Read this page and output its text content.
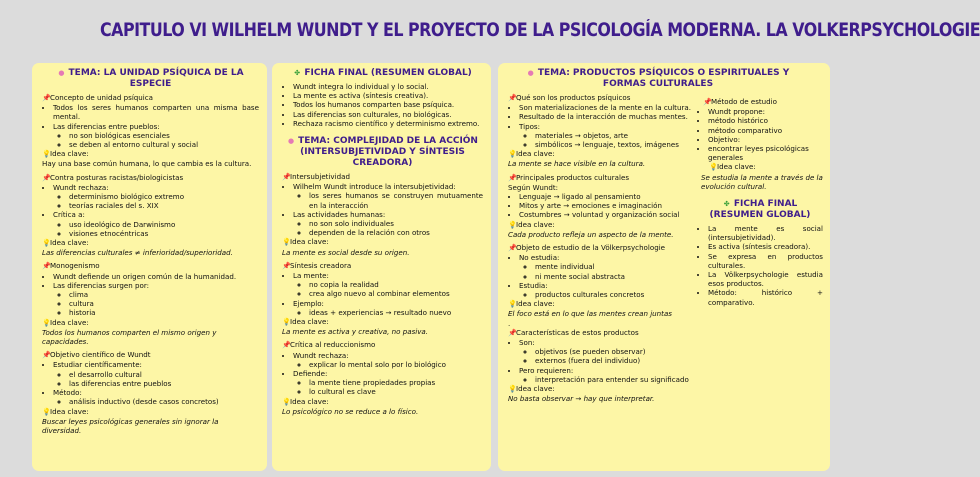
CAPITULO VI WILHELM WUNDT Y EL PROYECTO DE LA PSICOLOGÍA MODERNA. LA VOLKERPSYCHOLOGIE
● TEMA: LA UNIDAD PSÍQUICA DE LA ESPECIE
📌Concepto de unidad psíquica
• Todos los seres humanos comparten una misma base mental.
• Las diferencias entre pueblos:
◦ no son biológicas esenciales
◦ se deben al entorno cultural y social
💡Idea clave:
Hay una base común humana, lo que cambia es la cultura.
📌Contra posturas racistas/biologicistas
• Wundt rechaza:
◦ determinismo biológico extremo
◦ teorías raciales del s. XIX
• Crítica a:
◦ uso ideológico de Darwinismo
◦ visiones etnocéntricas
💡Idea clave:
Las diferencias culturales ≠ inferioridad/superioridad.
📌Monogenismo
• Wundt defiende un origen común de la humanidad.
• Las diferencias surgen por:
◦ clima
◦ cultura
◦ historia
💡Idea clave:
Todos los humanos comparten el mismo origen y capacidades.
📌Objetivo científico de Wundt
• Estudiar científicamente:
◦ el desarrollo cultural
◦ las diferencias entre pueblos
• Método:
◦ análisis inductivo (desde casos concretos)
💡Idea clave:
Buscar leyes psicológicas generales sin ignorar la diversidad.
✤ FICHA FINAL (RESUMEN GLOBAL)
• Wundt integra lo individual y lo social.
• La mente es activa (síntesis creativa).
• Todos los humanos comparten base psíquica.
• Las diferencias son culturales, no biológicas.
• Rechaza racismo científico y determinismo extremo.
● TEMA: COMPLEJIDAD DE LA ACCIÓN
(INTERSUBJETIVIDAD Y SÍNTESIS CREADORA)
📌Intersubjetividad
• Wilhelm Wundt introduce la intersubjetividad:
◦ los seres humanos se construyen mutuamente en la interacción
• Las actividades humanas:
◦ no son solo individuales
◦ dependen de la relación con otros
💡Idea clave:
La mente es social desde su origen.
📌Síntesis creadora
• La mente:
◦ no copia la realidad
◦ crea algo nuevo al combinar elementos
• Ejemplo:
◦ ideas + experiencias → resultado nuevo
💡Idea clave:
La mente es activa y creativa, no pasiva.
📌Crítica al reduccionismo
• Wundt rechaza:
◦ explicar lo mental solo por lo biológico
• Defiende:
◦ la mente tiene propiedades propias
◦ lo cultural es clave
💡Idea clave:
Lo psicológico no se reduce a lo físico.
● TEMA: PRODUCTOS PSÍQUICOS O ESPIRITUALES Y FORMAS CULTURALES
📌Qué son los productos psíquicos
• Son materializaciones de la mente en la cultura.
• Resultado de la interacción de muchas mentes.
• Tipos:
◦ materiales → objetos, arte
◦ simbólicos → lenguaje, textos, imágenes
💡Idea clave:
La mente se hace visible en la cultura.
📌Principales productos culturales
Según Wundt:
• Lenguaje → ligado al pensamiento
• Mitos y arte → emociones e imaginación
• Costumbres → voluntad y organización social
💡Idea clave:
Cada producto refleja un aspecto de la mente.
📌Objeto de estudio de la Völkerpsychologie
• No estudia:
◦ mente individual
◦ ni mente social abstracta
• Estudia:
◦ productos culturales concretos
💡Idea clave:
El foco está en lo que las mentes crean juntas
.
📌Características de estos productos
• Son:
◦ objetivos (se pueden observar)
◦ externos (fuera del individuo)
• Pero requieren:
◦ interpretación para entender su significado
💡Idea clave:
No basta observar → hay que interpretar.
📌Método de estudio
• Wundt propone:
• método histórico
• método comparativo
• Objetivo:
• encontrar leyes psicológicas generales
💡Idea clave:
Se estudia la mente a través de la evolución cultural.
✤ FICHA FINAL (RESUMEN GLOBAL)
• La mente es social (intersubjetividad).
• Es activa (síntesis creadora).
• Se expresa en productos culturales.
• La Völkerpsychologie estudia esos productos.
• Método: histórico + comparativo.
